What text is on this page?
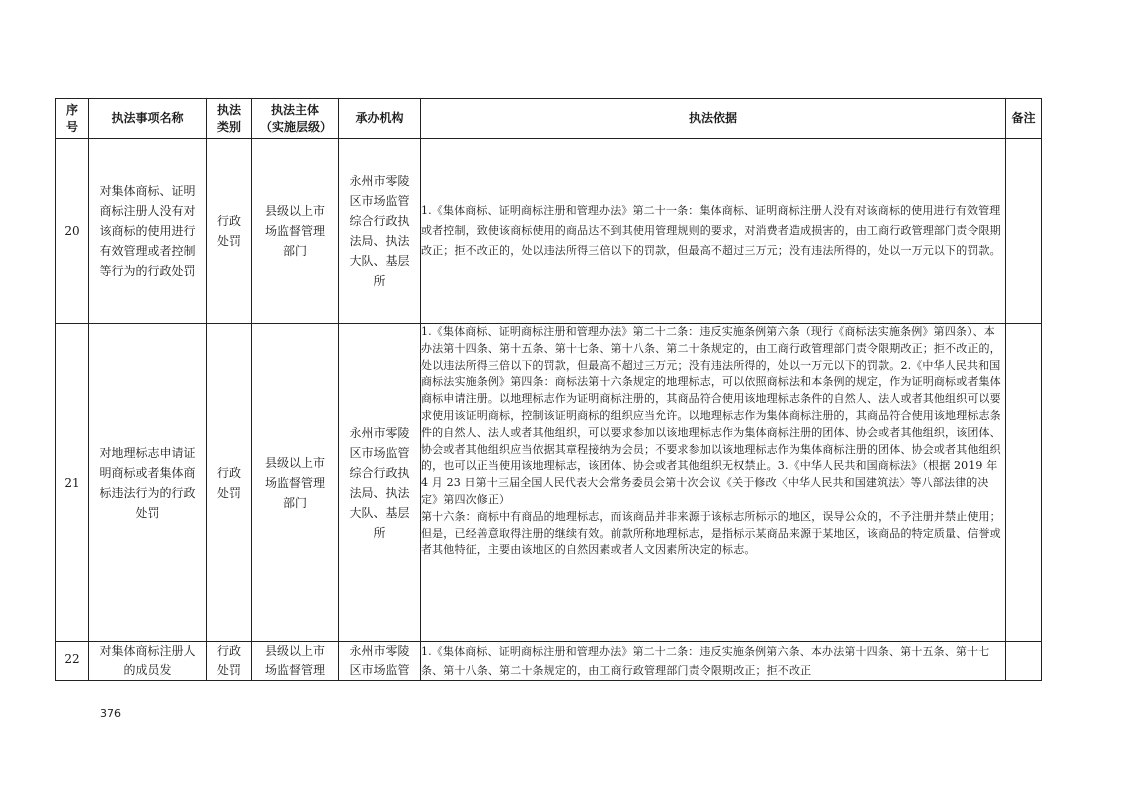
序号	执法事项名称	执法类别	执法主体（实施层级）	承办机构	执法依据	备注
20	对集体商标、证明商标注册人没有对该商标的使用进行有效管理或者控制等行为的行政处罚	行政处罚	县级以上市场监督管理部门	永州市零陵区市场监管综合行政执法局、执法大队、基层所	1.《集体商标、证明商标注册和管理办法》第二十一条：集体商标、证明商标注册人没有对该商标的使用进行有效管理或者控制，致使该商标使用的商品达不到其使用管理规则的要求，对消费者造成损害的，由工商行政管理部门责令限期改正；拒不改正的，处以违法所得三倍以下的罚款，但最高不超过三万元；没有违法所得的，处以一万元以下的罚款。	
21	对地理标志申请证明商标或者集体商标违法行为的行政处罚	行政处罚	县级以上市场监督管理部门	永州市零陵区市场监管综合行政执法局、执法大队、基层所	1.《集体商标、证明商标注册和管理办法》第二十二条：违反实施条例第六条（现行《商标法实施条例》第四条）、本办法第十四条、第十五条、第十七条、第十八条、第二十条规定的，由工商行政管理部门责令限期改正；拒不改正的，处以违法所得三倍以下的罚款，但最高不超过三万元；没有违法所得的，处以一万元以下的罚款。2.《中华人民共和国商标法实施条例》第四条：商标法第十六条规定的地理标志，可以依照商标法和本条例的规定，作为证明商标或者集体商标申请注册。以地理标志作为证明商标注册的，其商品符合使用该地理标志条件的自然人、法人或者其他组织可以要求使用该证明商标，控制该证明商标的组织应当允许。以地理标志作为集体商标注册的，其商品符合使用该地理标志条件的自然人、法人或者其他组织，可以要求参加以该地理标志作为集体商标注册的团体、协会或者其他组织，该团体、协会或者其他组织应当依据其章程接纳为会员；不要求参加以该地理标志作为集体商标注册的团体、协会或者其他组织的，也可以正当使用该地理标志，该团体、协会或者其他组织无权禁止。3.《中华人民共和国商标法》（根据 2019 年 4 月 23 日第十三届全国人民代表大会常务委员会第十次会议《关于修改〈中华人民共和国建筑法〉等八部法律的决定》第四次修正）

第十六条：商标中有商品的地理标志，而该商品并非来源于该标志所标示的地区，误导公众的，不予注册并禁止使用；但是，已经善意取得注册的继续有效。前款所称地理标志，是指标示某商品来源于某地区，该商品的特定质量、信誉或者其他特征，主要由该地区的自然因素或者人文因素所决定的标志。	

22	对集体商标注册人的成员发	行政处罚	县级以上市场监督管理	永州市零陵区市场监管	1.《集体商标、证明商标注册和管理办法》第二十二条：违反实施条例第六条、本办法第十四条、第十五条、第十七条、第十八条、第二十条规定的，由工商行政管理部门责令限期改正；拒不改正	
376
